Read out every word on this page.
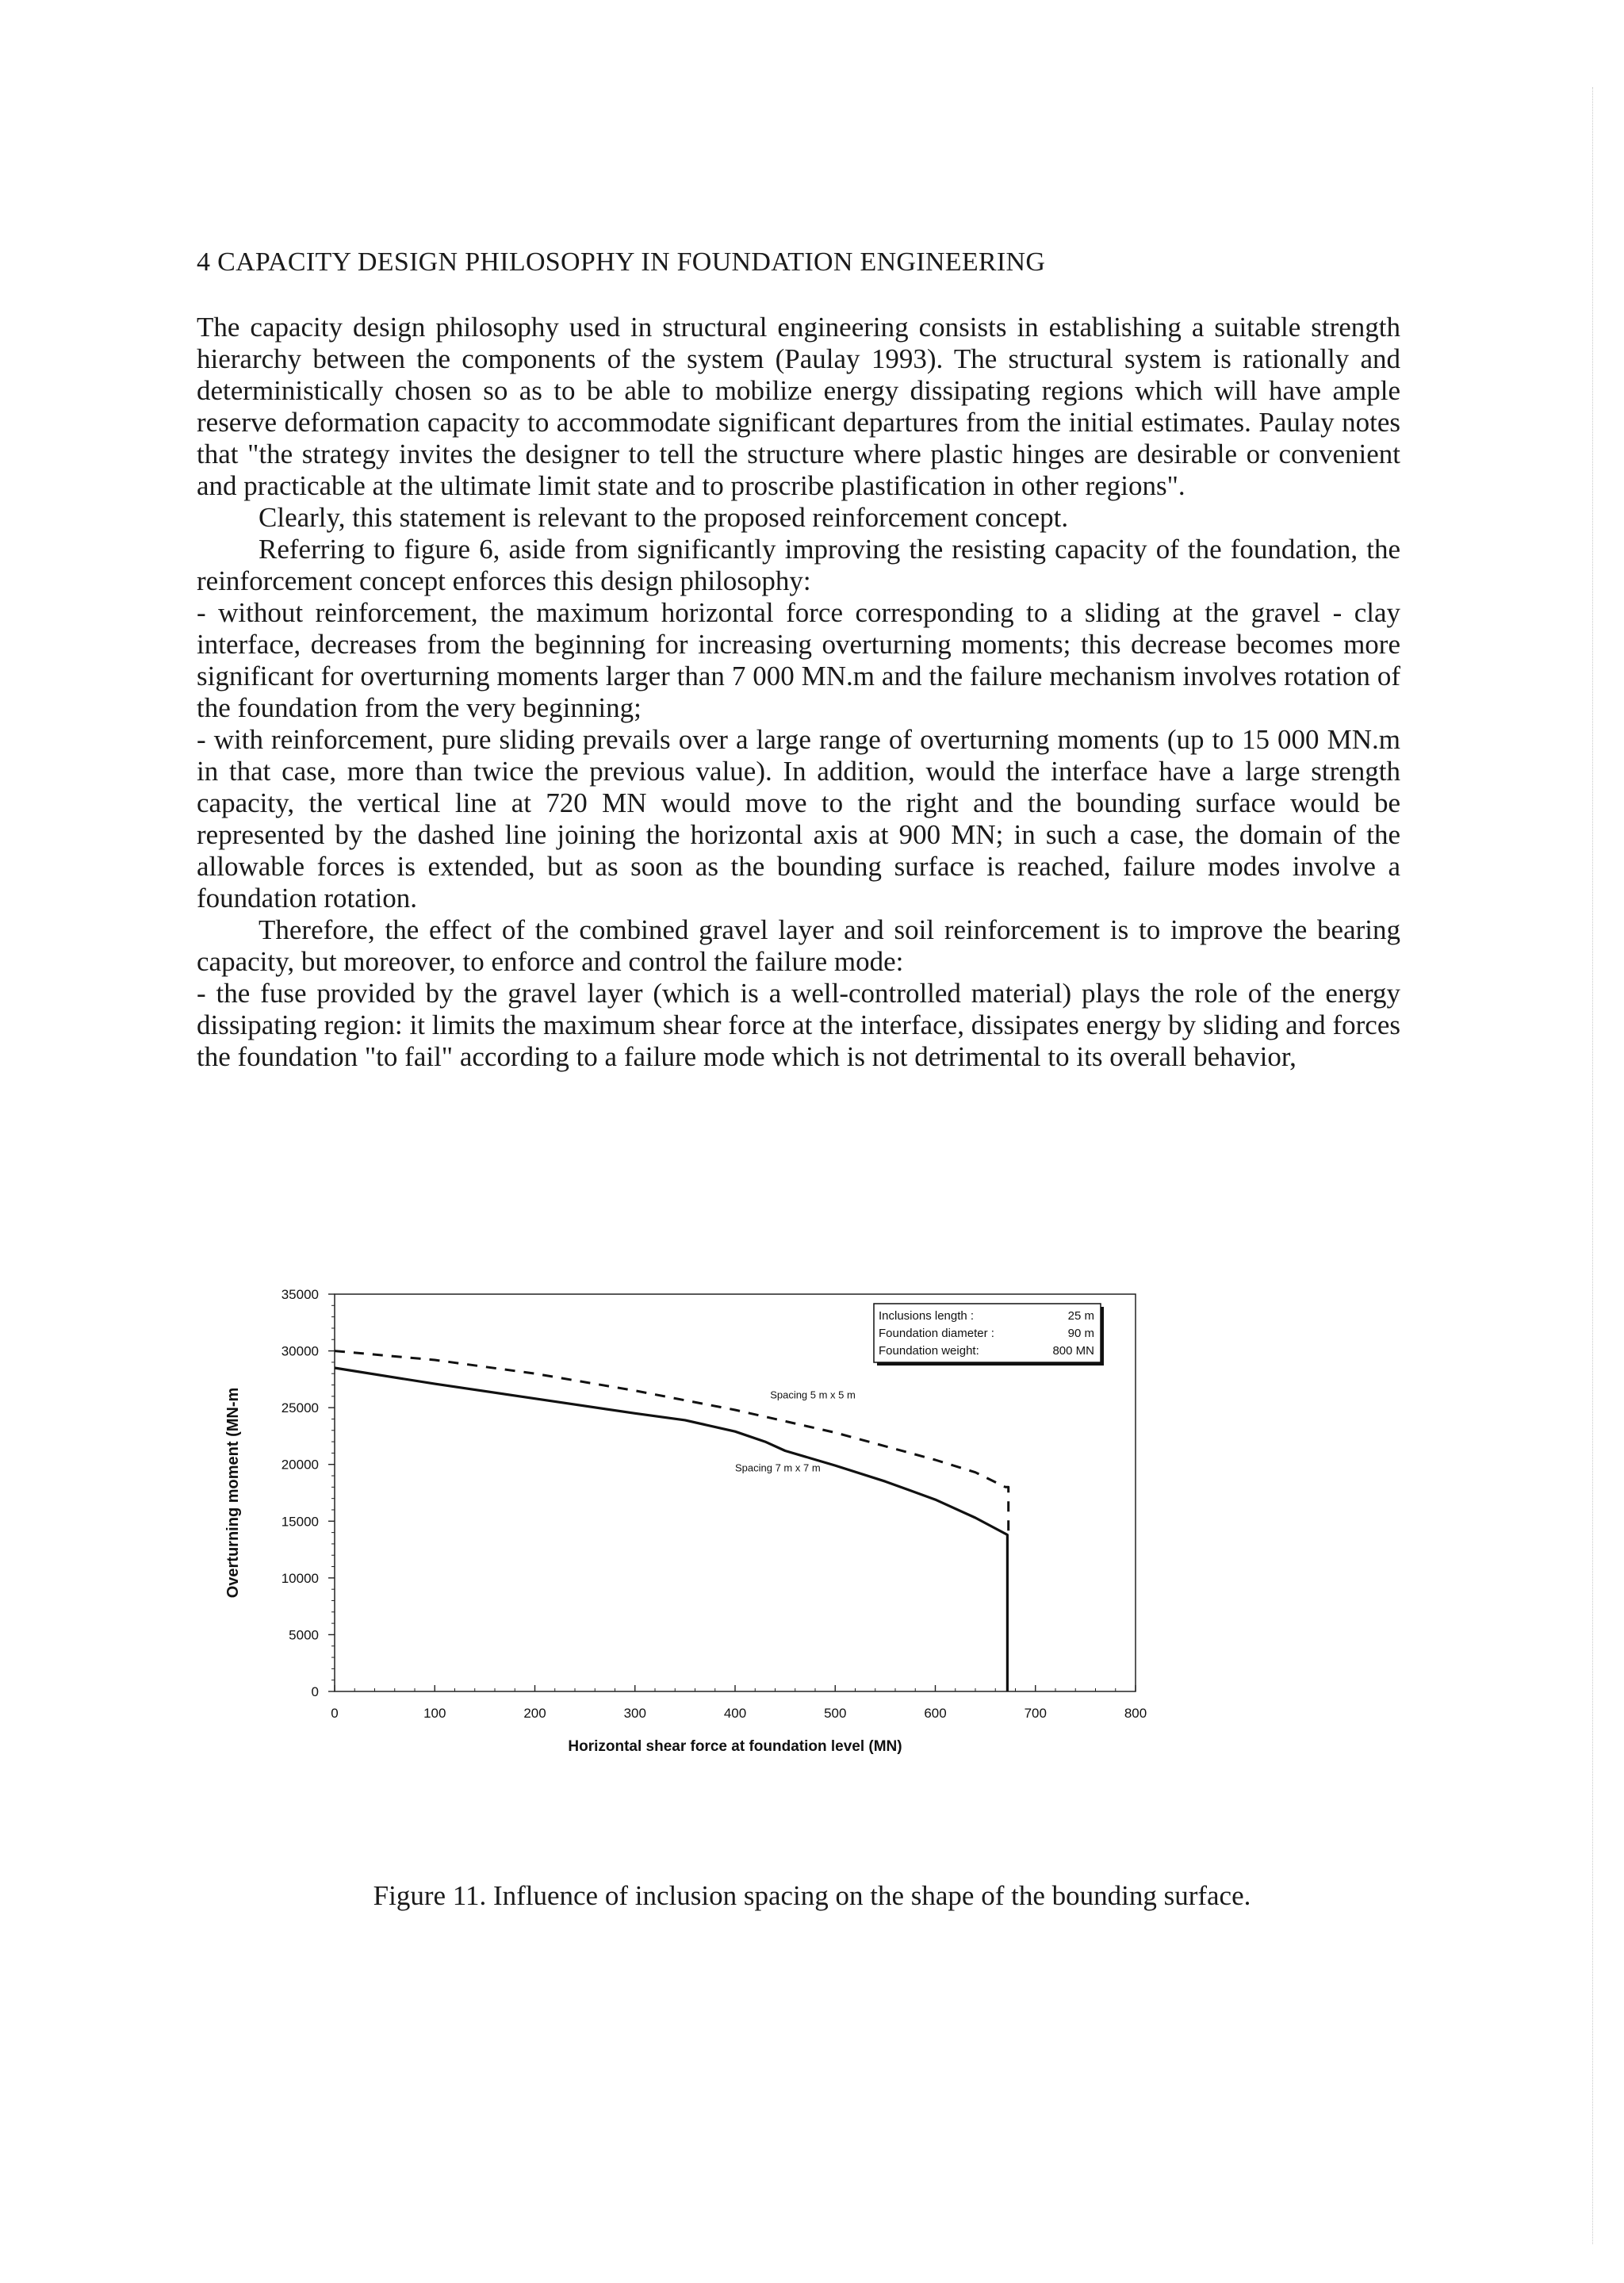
4 CAPACITY DESIGN PHILOSOPHY IN FOUNDATION ENGINEERING

The capacity design philosophy used in structural engineering consists in establishing a suitable strength hierarchy between the components of the system (Paulay 1993). The structural system is rationally and deterministically chosen so as to be able to mobilize energy dissipating regions which will have ample reserve deformation capacity to accommodate significant departures from the initial estimates. Paulay notes that "the strategy invites the designer to tell the structure where plastic hinges are desirable or convenient and practicable at the ultimate limit state and to proscribe plastification in other regions".

Clearly, this statement is relevant to the proposed reinforcement concept.

Referring to figure 6, aside from significantly improving the resisting capacity of the foundation, the reinforcement concept enforces this design philosophy:

- without reinforcement, the maximum horizontal force corresponding to a sliding at the gravel - clay interface, decreases from the beginning for increasing overturning moments; this decrease becomes more significant for overturning moments larger than 7 000 MN.m and the failure mechanism involves rotation of the foundation from the very beginning;

- with reinforcement, pure sliding prevails over a large range of overturning moments (up to 15 000 MN.m in that case, more than twice the previous value). In addition, would the interface have a large strength capacity, the vertical line at 720 MN would move to the right and the bounding surface would be represented by the dashed line joining the horizontal axis at 900 MN; in such a case, the domain of the allowable forces is extended, but as soon as the bounding surface is reached, failure modes involve a foundation rotation.

Therefore, the effect of the combined gravel layer and soil reinforcement is to improve the bearing capacity, but moreover, to enforce and control the failure mode:

- the fuse provided by the gravel layer (which is a well-controlled material) plays the role of the energy dissipating region: it limits the maximum shear force at the interface, dissipates energy by sliding and forces the foundation "to fail" according to a failure mode which is not detrimental to its overall behavior,

0
5000
10000
15000
20000
25000
30000
35000
0	100	200	300	400	500	600	700	800
Spacing 5 m x 5 m
Spacing 7 m x 7 m
Inclusions length :	25 m
Foundation diameter :	90 m
Foundation weight:	800 MN
Horizontal shear force at foundation level (MN)
Overturning moment (MN-m
Figure 11. Influence of inclusion spacing on the shape of the bounding surface.
